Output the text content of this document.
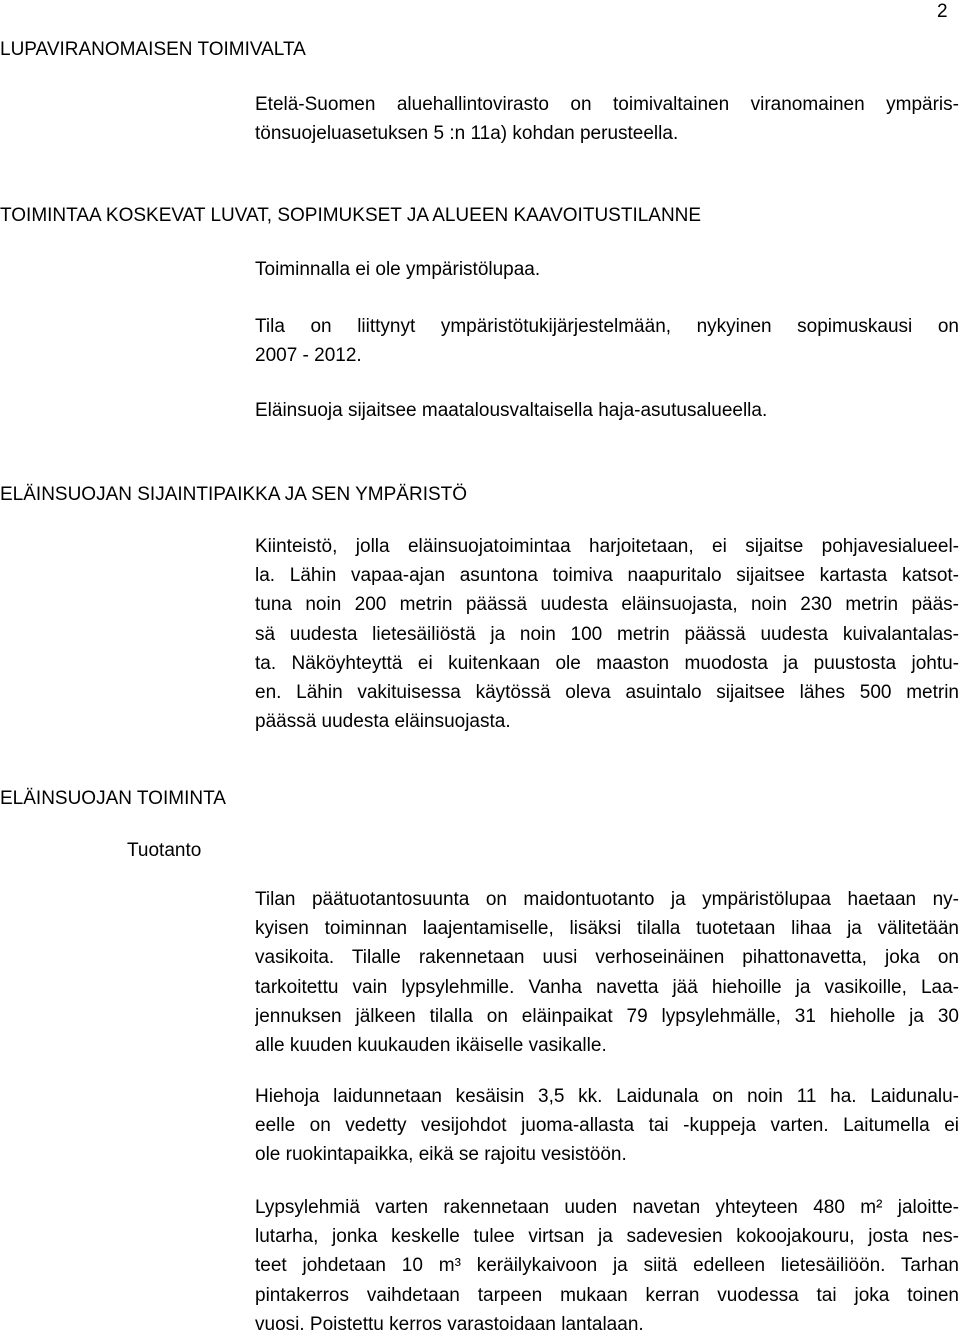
2
LUPAVIRANOMAISEN TOIMIVALTA
Etelä-Suomen aluehallintovirasto on toimivaltainen viranomainen ympäris-
tönsuojeluasetuksen 5 :n 11a) kohdan perusteella.
TOIMINTAA KOSKEVAT LUVAT, SOPIMUKSET JA ALUEEN KAAVOITUSTILANNE
Toiminnalla ei ole ympäristölupaa.
Tila on liittynyt ympäristötukijärjestelmään, nykyinen sopimuskausi on
2007 - 2012.
Eläinsuoja sijaitsee maatalousvaltaisella haja-asutusalueella.
ELÄINSUOJAN SIJAINTIPAIKKA JA SEN YMPÄRISTÖ
Kiinteistö, jolla eläinsuojatoimintaa harjoitetaan, ei sijaitse pohjavesialueel-
la. Lähin vapaa-ajan asuntona toimiva naapuritalo sijaitsee kartasta katsot-
tuna noin 200 metrin päässä uudesta eläinsuojasta, noin 230 metrin pääs-
sä uudesta lietesäiliöstä ja noin 100 metrin päässä uudesta kuivalantalas-
ta. Näköyhteyttä ei kuitenkaan ole maaston muodosta ja puustosta johtu-
en. Lähin vakituisessa käytössä oleva asuintalo sijaitsee lähes 500 metrin
päässä uudesta eläinsuojasta.
ELÄINSUOJAN TOIMINTA
Tuotanto
Tilan päätuotantosuunta on maidontuotanto ja ympäristölupaa haetaan ny-
kyisen toiminnan laajentamiselle, lisäksi tilalla tuotetaan lihaa ja välitetään
vasikoita. Tilalle rakennetaan uusi verhoseinäinen pihattonavetta, joka on
tarkoitettu vain lypsylehmille. Vanha navetta jää hiehoille ja vasikoille, Laa-
jennuksen jälkeen tilalla on eläinpaikat 79 lypsylehmälle, 31 hieholle ja 30
alle kuuden kuukauden ikäiselle vasikalle.
Hiehoja laidunnetaan kesäisin 3,5 kk. Laidunala on noin 11 ha. Laidunalu-
eelle on vedetty vesijohdot juoma-allasta tai -kuppeja varten. Laitumella ei
ole ruokintapaikka, eikä se rajoitu vesistöön.
Lypsylehmiä varten rakennetaan uuden navetan yhteyteen 480 m² jaloitte-
lutarha, jonka keskelle tulee virtsan ja sadevesien kokoojakouru, josta nes-
teet johdetaan 10 m³ keräilykaivoon ja siitä edelleen lietesäiliöön. Tarhan
pintakerros vaihdetaan tarpeen mukaan kerran vuodessa tai joka toinen
vuosi. Poistettu kerros varastoidaan lantalaan.
